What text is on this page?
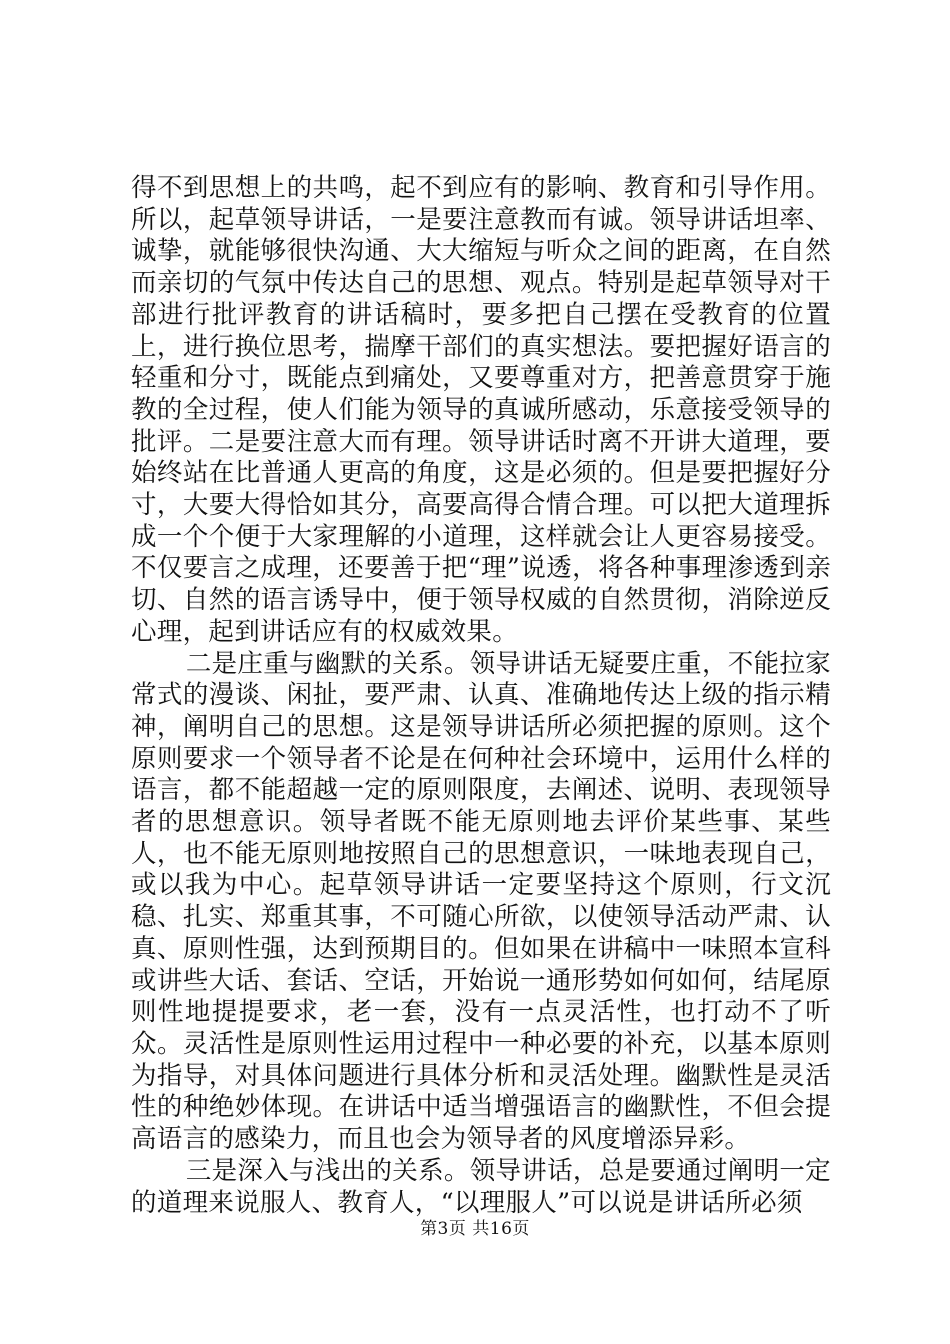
得不到思想上的共鸣，起不到应有的影响、教育和引导作用。所以，起草领导讲话，一是要注意教而有诚。领导讲话坦率、诚挚，就能够很快沟通、大大缩短与听众之间的距离，在自然而亲切的气氛中传达自己的思想、观点。特别是起草领导对干部进行批评教育的讲话稿时，要多把自己摆在受教育的位置上，进行换位思考，揣摩干部们的真实想法。要把握好语言的轻重和分寸，既能点到痛处，又要尊重对方，把善意贯穿于施教的全过程，使人们能为领导的真诚所感动，乐意接受领导的批评。二是要注意大而有理。领导讲话时离不开讲大道理，要始终站在比普通人更高的角度，这是必须的。但是要把握好分寸，大要大得恰如其分，高要高得合情合理。可以把大道理拆成一个个便于大家理解的小道理，这样就会让人更容易接受。不仅要言之成理，还要善于把“理”说透，将各种事理渗透到亲切、自然的语言诱导中，便于领导权威的自然贯彻，消除逆反心理，起到讲话应有的权威效果。

二是庄重与幽默的关系。领导讲话无疑要庄重，不能拉家常式的漫谈、闲扯，要严肃、认真、准确地传达上级的指示精神，阐明自己的思想。这是领导讲话所必须把握的原则。这个原则要求一个领导者不论是在何种社会环境中，运用什么样的语言，都不能超越一定的原则限度，去阐述、说明、表现领导者的思想意识。领导者既不能无原则地去评价某些事、某些人，也不能无原则地按照自己的思想意识，一味地表现自己，或以我为中心。起草领导讲话一定要坚持这个原则，行文沉稳、扎实、郑重其事，不可随心所欲，以使领导活动严肃、认真、原则性强，达到预期目的。但如果在讲稿中一味照本宣科或讲些大话、套话、空话，开始说一通形势如何如何，结尾原则性地提提要求，老一套，没有一点灵活性，也打动不了听众。灵活性是原则性运用过程中一种必要的补充，以基本原则为指导，对具体问题进行具体分析和灵活处理。幽默性是灵活性的种绝妙体现。在讲话中适当增强语言的幽默性，不但会提高语言的感染力，而且也会为领导者的风度增添异彩。

三是深入与浅出的关系。领导讲话，总是要通过阐明一定的道理来说服人、教育人，“以理服人”可以说是讲话所必须

第3页 共16页
